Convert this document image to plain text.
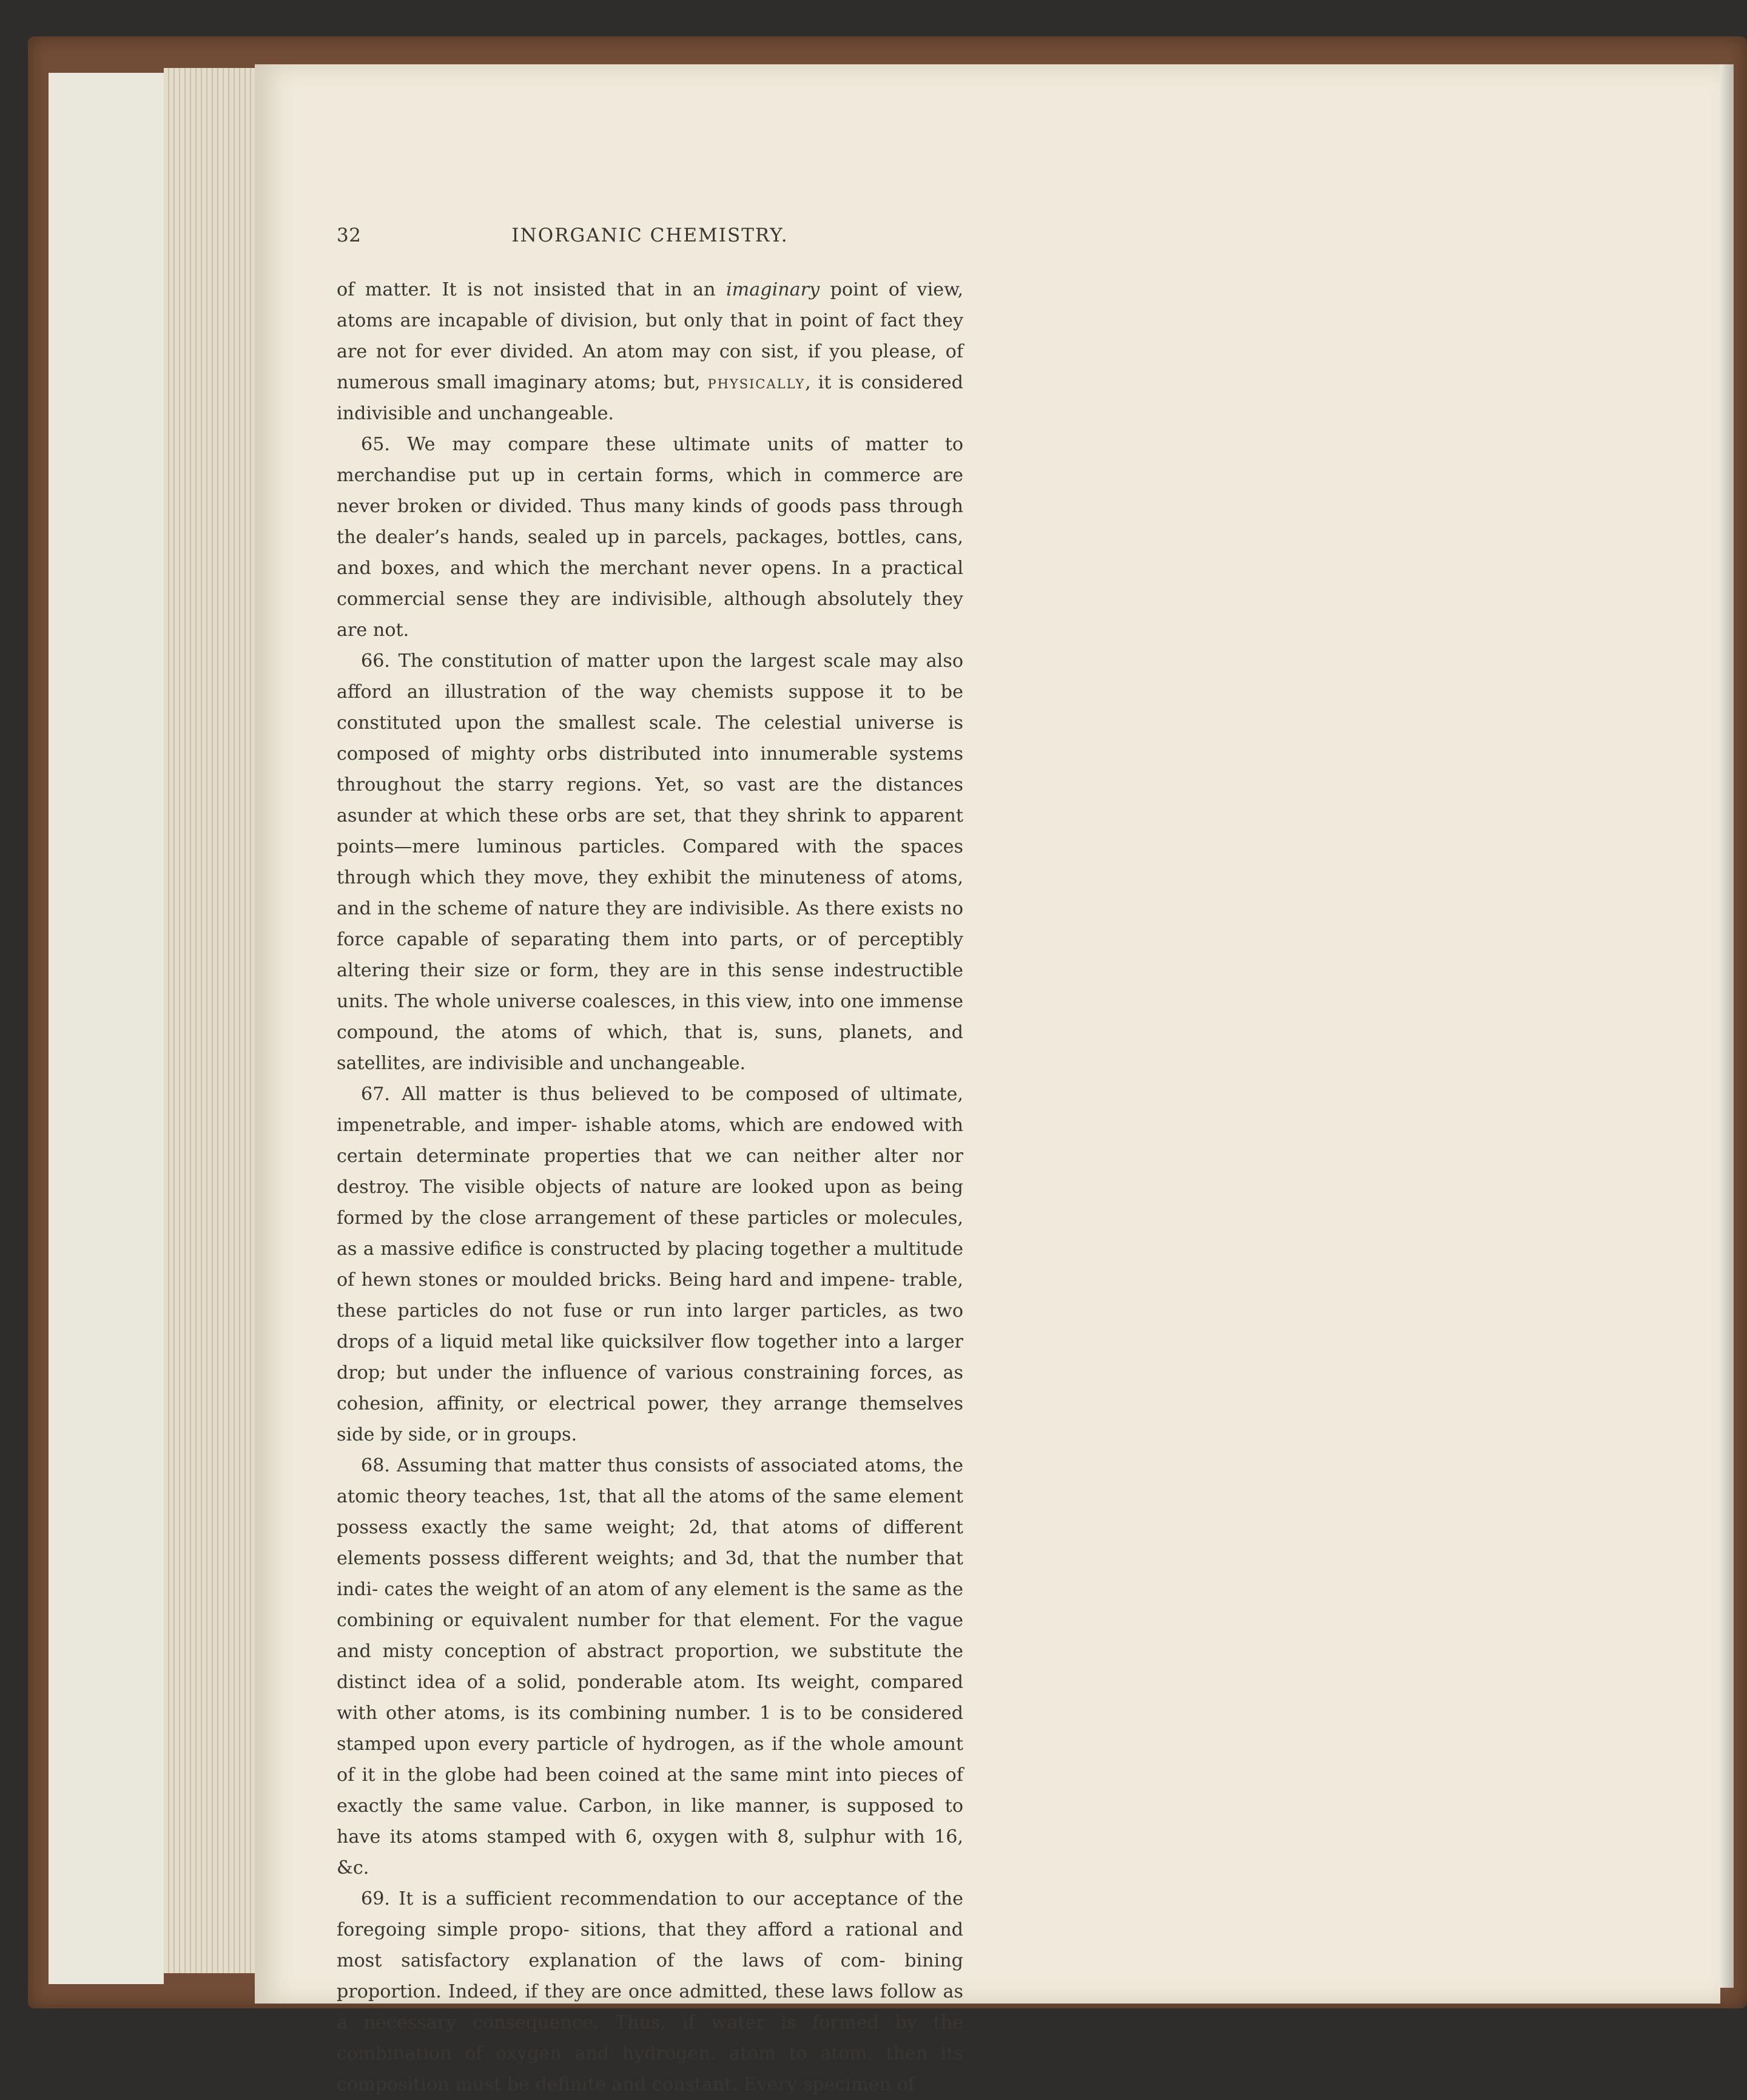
32	INORGANIC CHEMISTRY.

of matter. It is not insisted that in an imaginary point of view, atoms are incapable of division, but only that in point of fact they are not for ever divided. An atom may con sist, if you please, of numerous small imaginary atoms; but, physically, it is considered indivisible and unchangeable.

65. We may compare these ultimate units of matter to merchandise put up in certain forms, which in commerce are never broken or divided. Thus many kinds of goods pass through the dealer’s hands, sealed up in parcels, packages, bottles, cans, and boxes, and which the merchant never opens. In a practical commercial sense they are indivisible, although absolutely they are not.

66. The constitution of matter upon the largest scale may also afford an illustration of the way chemists suppose it to be constituted upon the smallest scale. The celestial universe is composed of mighty orbs distributed into innumerable systems throughout the starry regions. Yet, so vast are the distances asunder at which these orbs are set, that they shrink to apparent points—mere luminous particles. Compared with the spaces through which they move, they exhibit the minuteness of atoms, and in the scheme of nature they are indivisible. As there exists no force capable of separating them into parts, or of perceptibly altering their size or form, they are in this sense indestructible units. The whole universe coalesces, in this view, into one immense compound, the atoms of which, that is, suns, planets, and satellites, are indivisible and unchangeable.

67. All matter is thus believed to be composed of ultimate, impenetrable, and imper- ishable atoms, which are endowed with certain determinate properties that we can neither alter nor destroy. The visible objects of nature are looked upon as being formed by the close arrangement of these particles or molecules, as a massive edifice is constructed by placing together a multitude of hewn stones or moulded bricks. Being hard and impene- trable, these particles do not fuse or run into larger particles, as two drops of a liquid metal like quicksilver flow together into a larger drop; but under the influence of various constraining forces, as cohesion, affinity, or electrical power, they arrange themselves side by side, or in groups.

68. Assuming that matter thus consists of associated atoms, the atomic theory teaches, 1st, that all the atoms of the same element possess exactly the same weight; 2d, that atoms of different elements possess different weights; and 3d, that the number that indi- cates the weight of an atom of any element is the same as the combining or equivalent number for that element. For the vague and misty conception of abstract proportion, we substitute the distinct idea of a solid, ponderable atom. Its weight, compared with other atoms, is its combining number. 1 is to be considered stamped upon every particle of hydrogen, as if the whole amount of it in the globe had been coined at the same mint into pieces of exactly the same value. Carbon, in like manner, is supposed to have its atoms stamped with 6, oxygen with 8, sulphur with 16, &c.

69. It is a sufficient recommendation to our acceptance of the foregoing simple propo- sitions, that they afford a rational and most satisfactory explanation of the laws of com- bining proportion. Indeed, if they are once admitted, these laws follow as a necessary consequence. Thus, if water is formed by the combination of oxygen and hydrogen. atom to atom, then its composition must be definite and constant. Every specimen of
